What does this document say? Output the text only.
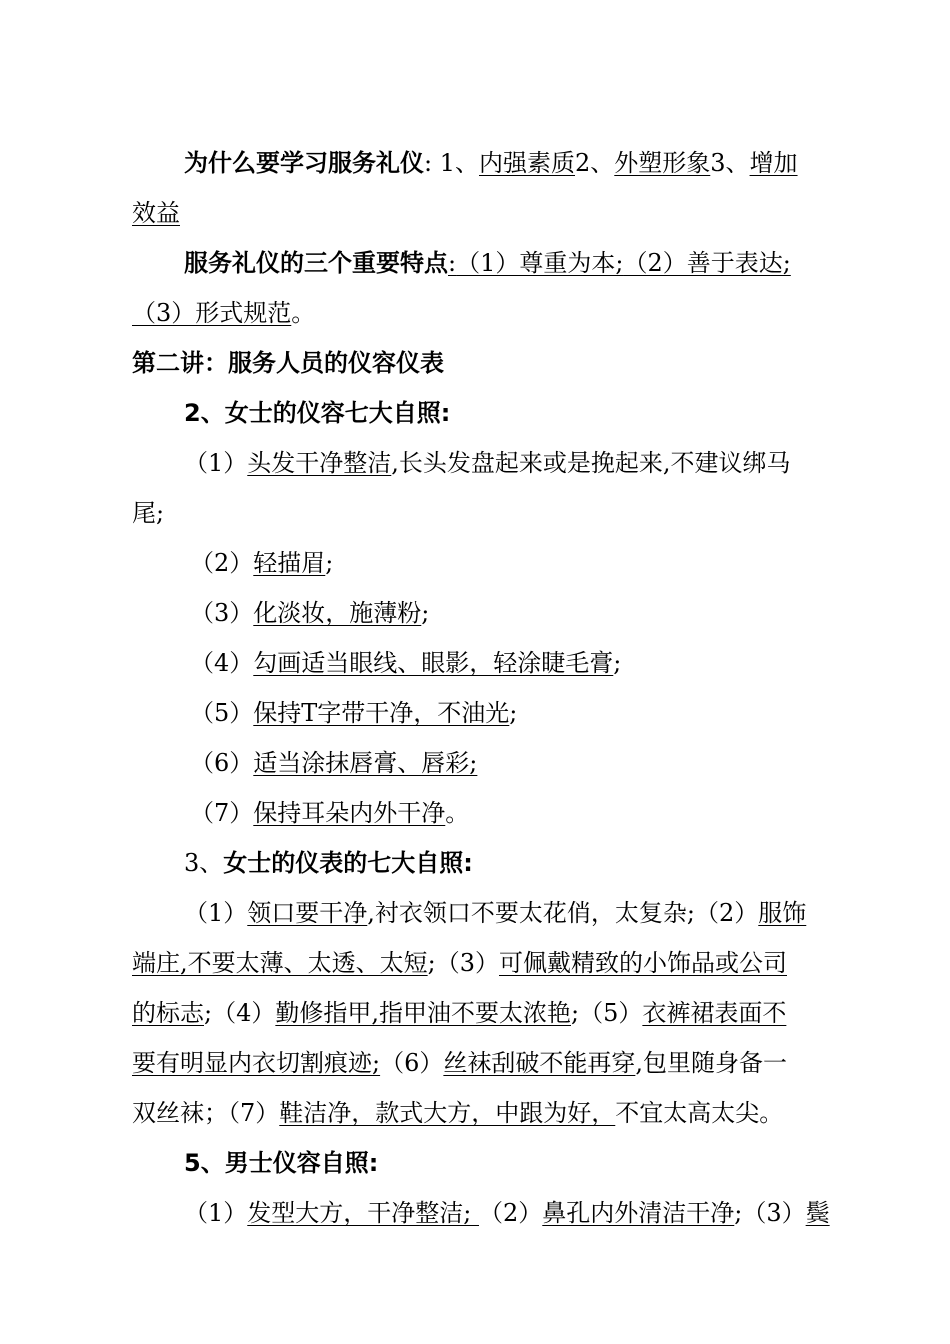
为什么要学习服务礼仪: 1、内强素质2、外塑形象3、增加
效益
服务礼仪的三个重要特点:（1）尊重为本;（2）善于表达;
（3）形式规范。
第二讲：服务人员的仪容仪表
2、女士的仪容七大自照:
（1）头发干净整洁,长头发盘起来或是挽起来,不建议绑马
尾;
（2）轻描眉;
（3）化淡妆，施薄粉;
（4）勾画适当眼线、眼影，轻涂睫毛膏;
（5）保持T字带干净，不油光;
（6）适当涂抹唇膏、唇彩;
（7）保持耳朵内外干净。
3、女士的仪表的七大自照:
（1）领口要干净,衬衣领口不要太花俏，太复杂;（2）服饰
端庄,不要太薄、太透、太短;（3）可佩戴精致的小饰品或公司
的标志;（4）勤修指甲,指甲油不要太浓艳;（5）衣裤裙表面不
要有明显内衣切割痕迹;（6）丝袜刮破不能再穿,包里随身备一
双丝袜；（7）鞋洁净，款式大方，中跟为好，不宜太高太尖。
5、男士仪容自照:
（1）发型大方，干净整洁; （2）鼻孔内外清洁干净;（3）鬓
